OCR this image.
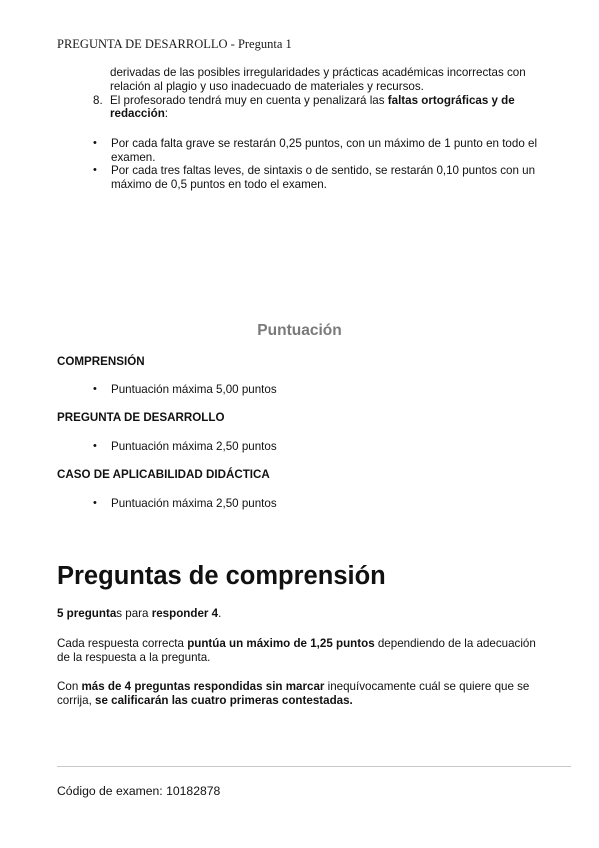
PREGUNTA DE DESARROLLO - Pregunta 1
derivadas de las posibles irregularidades y prácticas académicas incorrectas con
relación al plagio y uso inadecuado de materiales y recursos.
8. El profesorado tendrá muy en cuenta y penalizará las faltas ortográficas y de
redacción:
• Por cada falta grave se restarán 0,25 puntos, con un máximo de 1 punto en todo el
examen.
• Por cada tres faltas leves, de sintaxis o de sentido, se restarán 0,10 puntos con un
máximo de 0,5 puntos en todo el examen.
Puntuación
COMPRENSIÓN
• Puntuación máxima 5,00 puntos
PREGUNTA DE DESARROLLO
• Puntuación máxima 2,50 puntos
CASO DE APLICABILIDAD DIDÁCTICA
• Puntuación máxima 2,50 puntos
Preguntas de comprensión
5 preguntas para responder 4.
Cada respuesta correcta puntúa un máximo de 1,25 puntos dependiendo de la adecuación
de la respuesta a la pregunta.
Con más de 4 preguntas respondidas sin marcar inequívocamente cuál se quiere que se
corrija, se calificarán las cuatro primeras contestadas.
Código de examen: 10182878
